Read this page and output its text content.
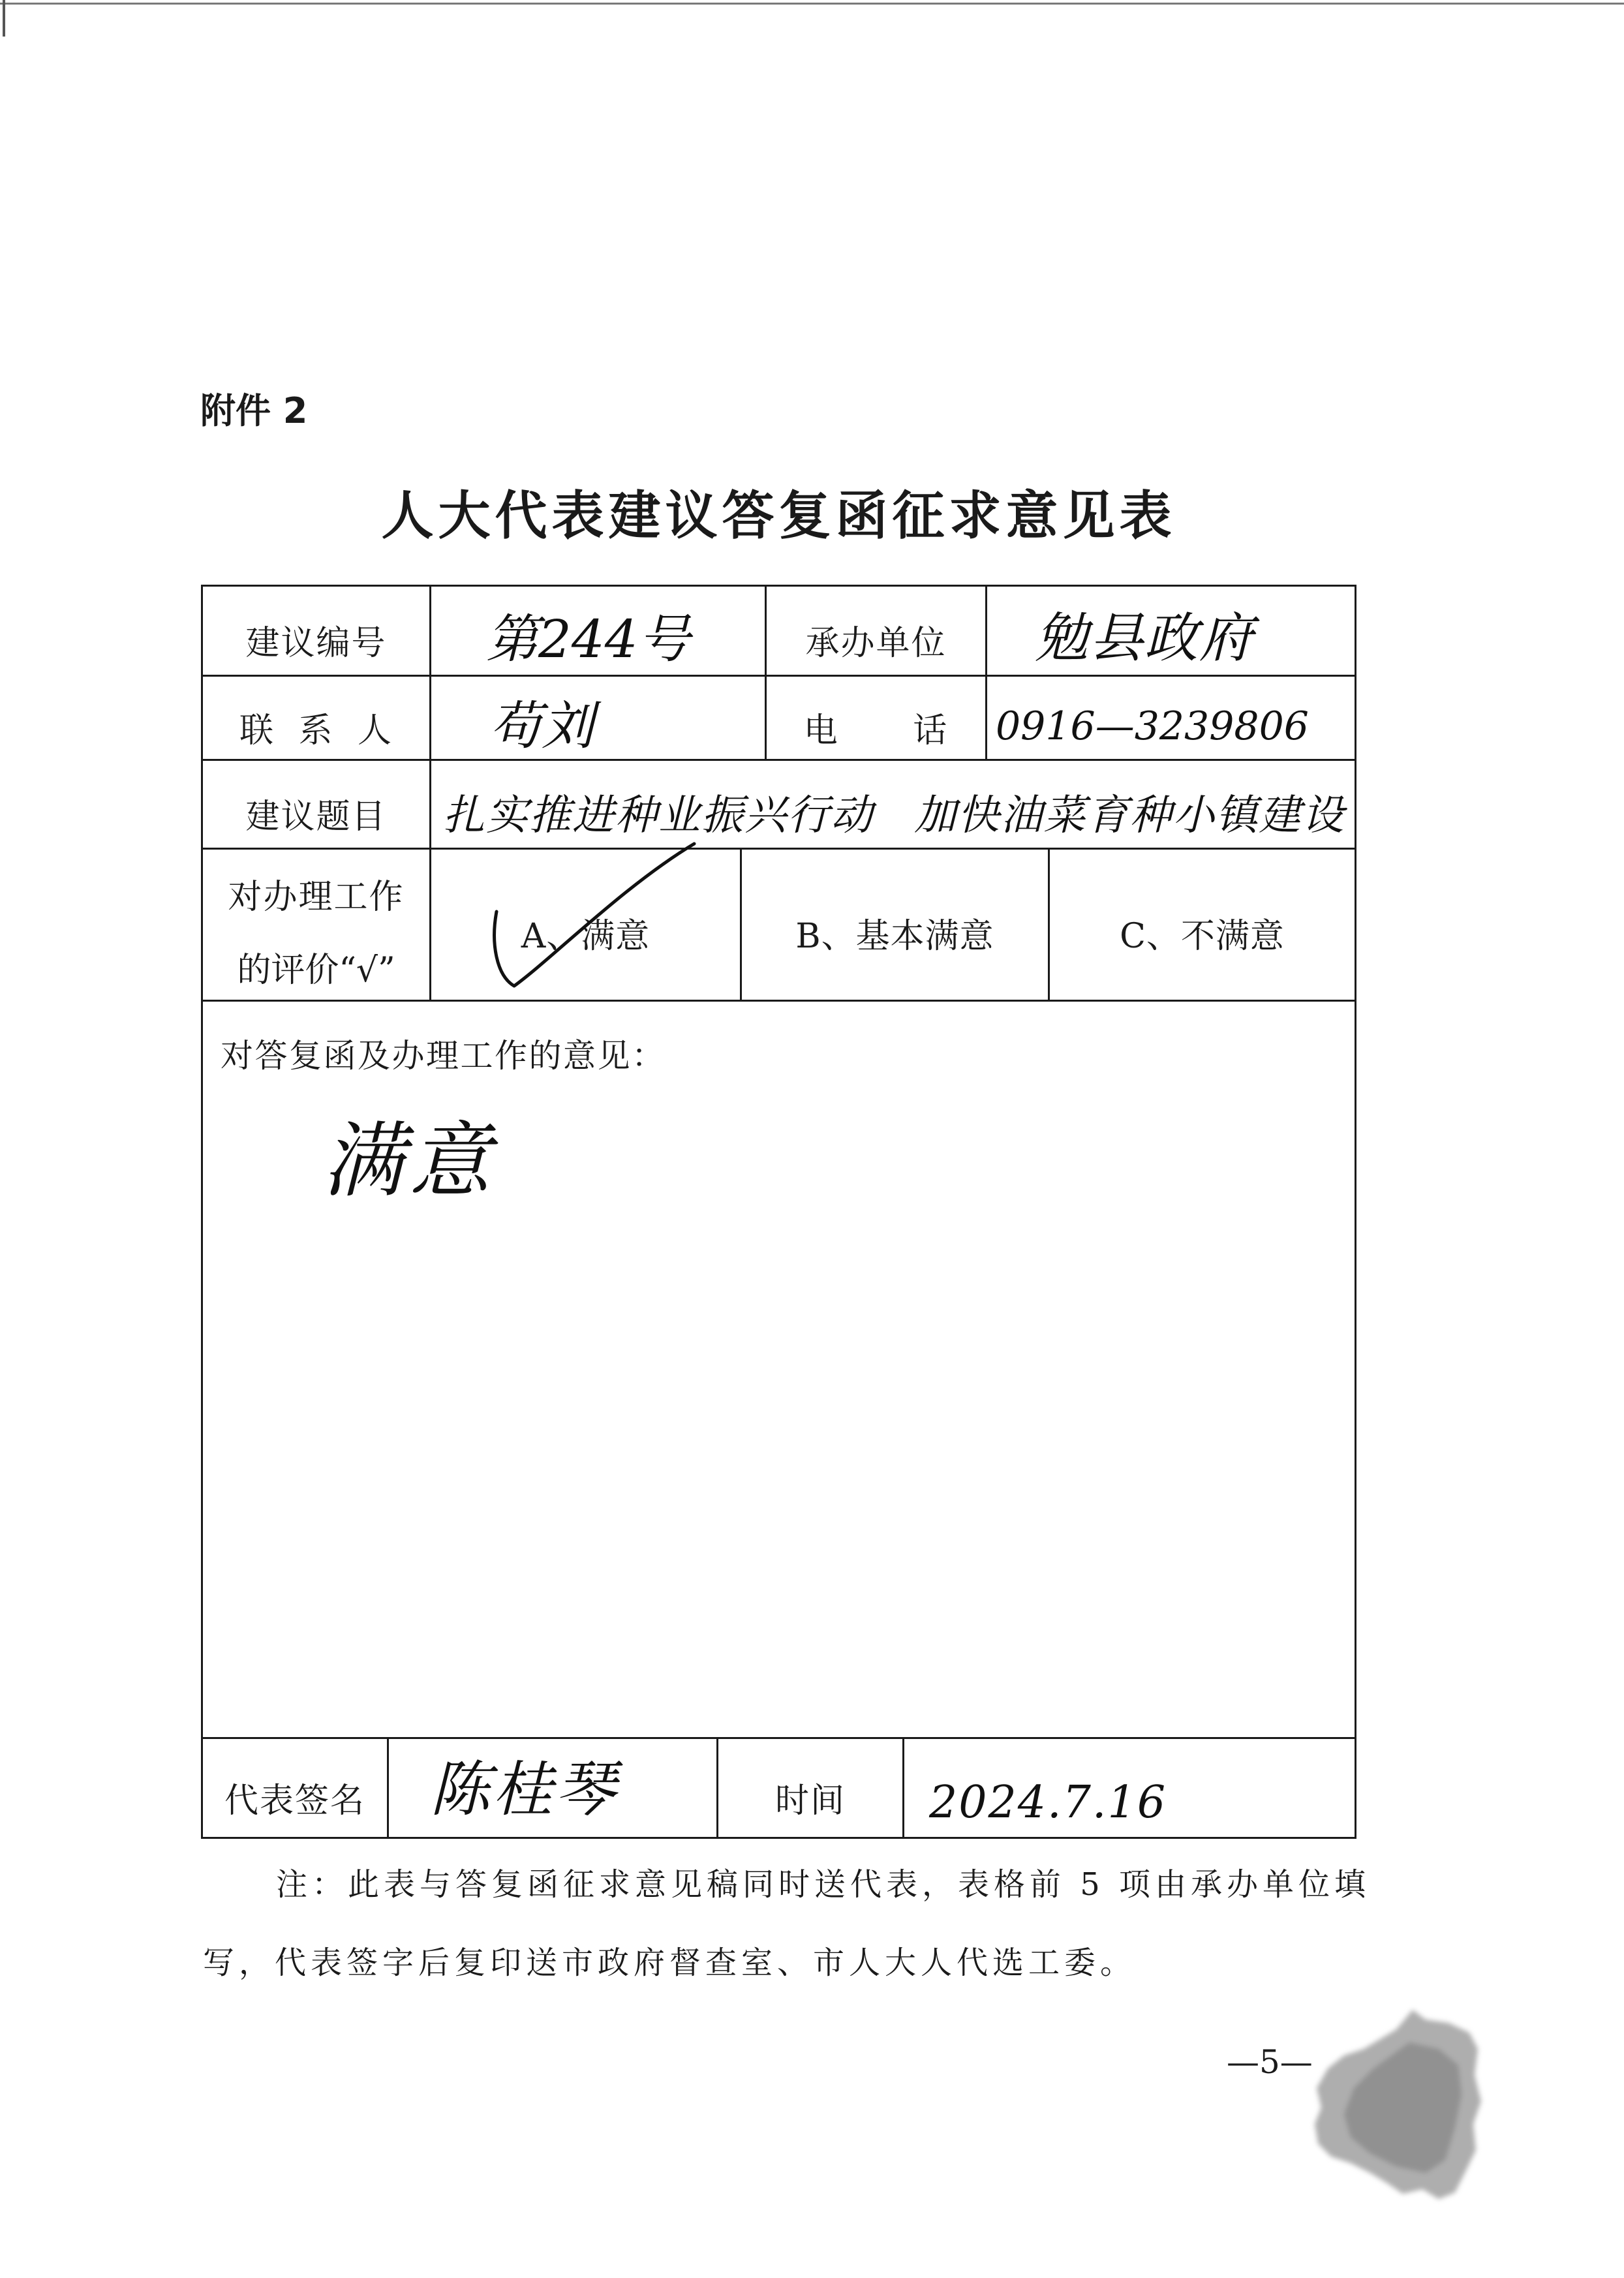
附件 2
人大代表建议答复函征求意见表
建议编号	第244号	承办单位	勉县政府
联 系 人	苟刘	电 话	0916—3239806
建议题目	扎实推进种业振兴行动 加快油菜育种小镇建设
对办理工作
的评价“√”
A、满意	B、基本满意	C、不满意
对答复函及办理工作的意见：
满意
代表签名	陈桂琴	时间	2024.7.16
注：此表与答复函征求意见稿同时送代表，表格前 5 项由承办单位填
写，代表签字后复印送市政府督查室、市人大人代选工委。
—5—
